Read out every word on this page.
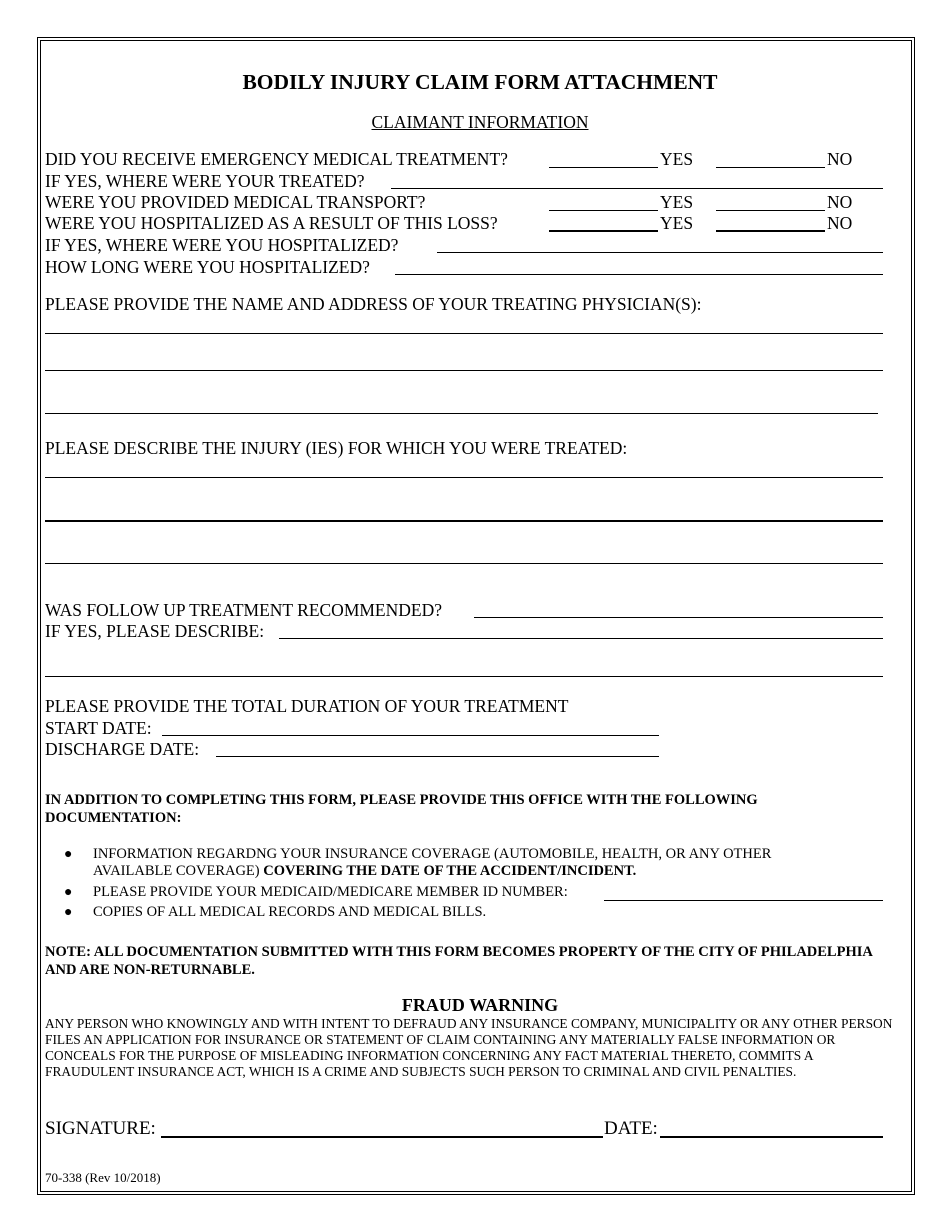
BODILY INJURY CLAIM FORM ATTACHMENT
CLAIMANT INFORMATION
DID YOU RECEIVE EMERGENCY MEDICAL TREATMENT?	YES	NO
IF YES, WHERE WERE YOUR TREATED?
WERE YOU PROVIDED MEDICAL TRANSPORT?	YES	NO
WERE YOU HOSPITALIZED AS A RESULT OF THIS LOSS?	YES	NO
IF YES, WHERE WERE YOU HOSPITALIZED?
HOW LONG WERE YOU HOSPITALIZED?
PLEASE PROVIDE THE NAME AND ADDRESS OF YOUR TREATING PHYSICIAN(S):
PLEASE DESCRIBE THE INJURY (IES) FOR WHICH YOU WERE TREATED:
WAS FOLLOW UP TREATMENT RECOMMENDED?
IF YES, PLEASE DESCRIBE:
PLEASE PROVIDE THE TOTAL DURATION OF YOUR TREATMENT
START DATE:
DISCHARGE DATE:
IN ADDITION TO COMPLETING THIS FORM, PLEASE PROVIDE THIS OFFICE WITH THE FOLLOWING DOCUMENTATION:
● INFORMATION REGARDNG YOUR INSURANCE COVERAGE (AUTOMOBILE, HEALTH, OR ANY OTHER
AVAILABLE COVERAGE) COVERING THE DATE OF THE ACCIDENT/INCIDENT.
● PLEASE PROVIDE YOUR MEDICAID/MEDICARE MEMBER ID NUMBER:
● COPIES OF ALL MEDICAL RECORDS AND MEDICAL BILLS.
NOTE: ALL DOCUMENTATION SUBMITTED WITH THIS FORM BECOMES PROPERTY OF THE CITY OF PHILADELPHIA AND ARE NON-RETURNABLE.
FRAUD WARNING
ANY PERSON WHO KNOWINGLY AND WITH INTENT TO DEFRAUD ANY INSURANCE COMPANY, MUNICIPALITY OR ANY OTHER PERSON FILES AN APPLICATION FOR INSURANCE OR STATEMENT OF CLAIM CONTAINING ANY MATERIALLY FALSE INFORMATION OR CONCEALS FOR THE PURPOSE OF MISLEADING INFORMATION CONCERNING ANY FACT MATERIAL THERETO, COMMITS A FRAUDULENT INSURANCE ACT, WHICH IS A CRIME AND SUBJECTS SUCH PERSON TO CRIMINAL AND CIVIL PENALTIES.
SIGNATURE:	DATE:
70-338 (Rev 10/2018)
